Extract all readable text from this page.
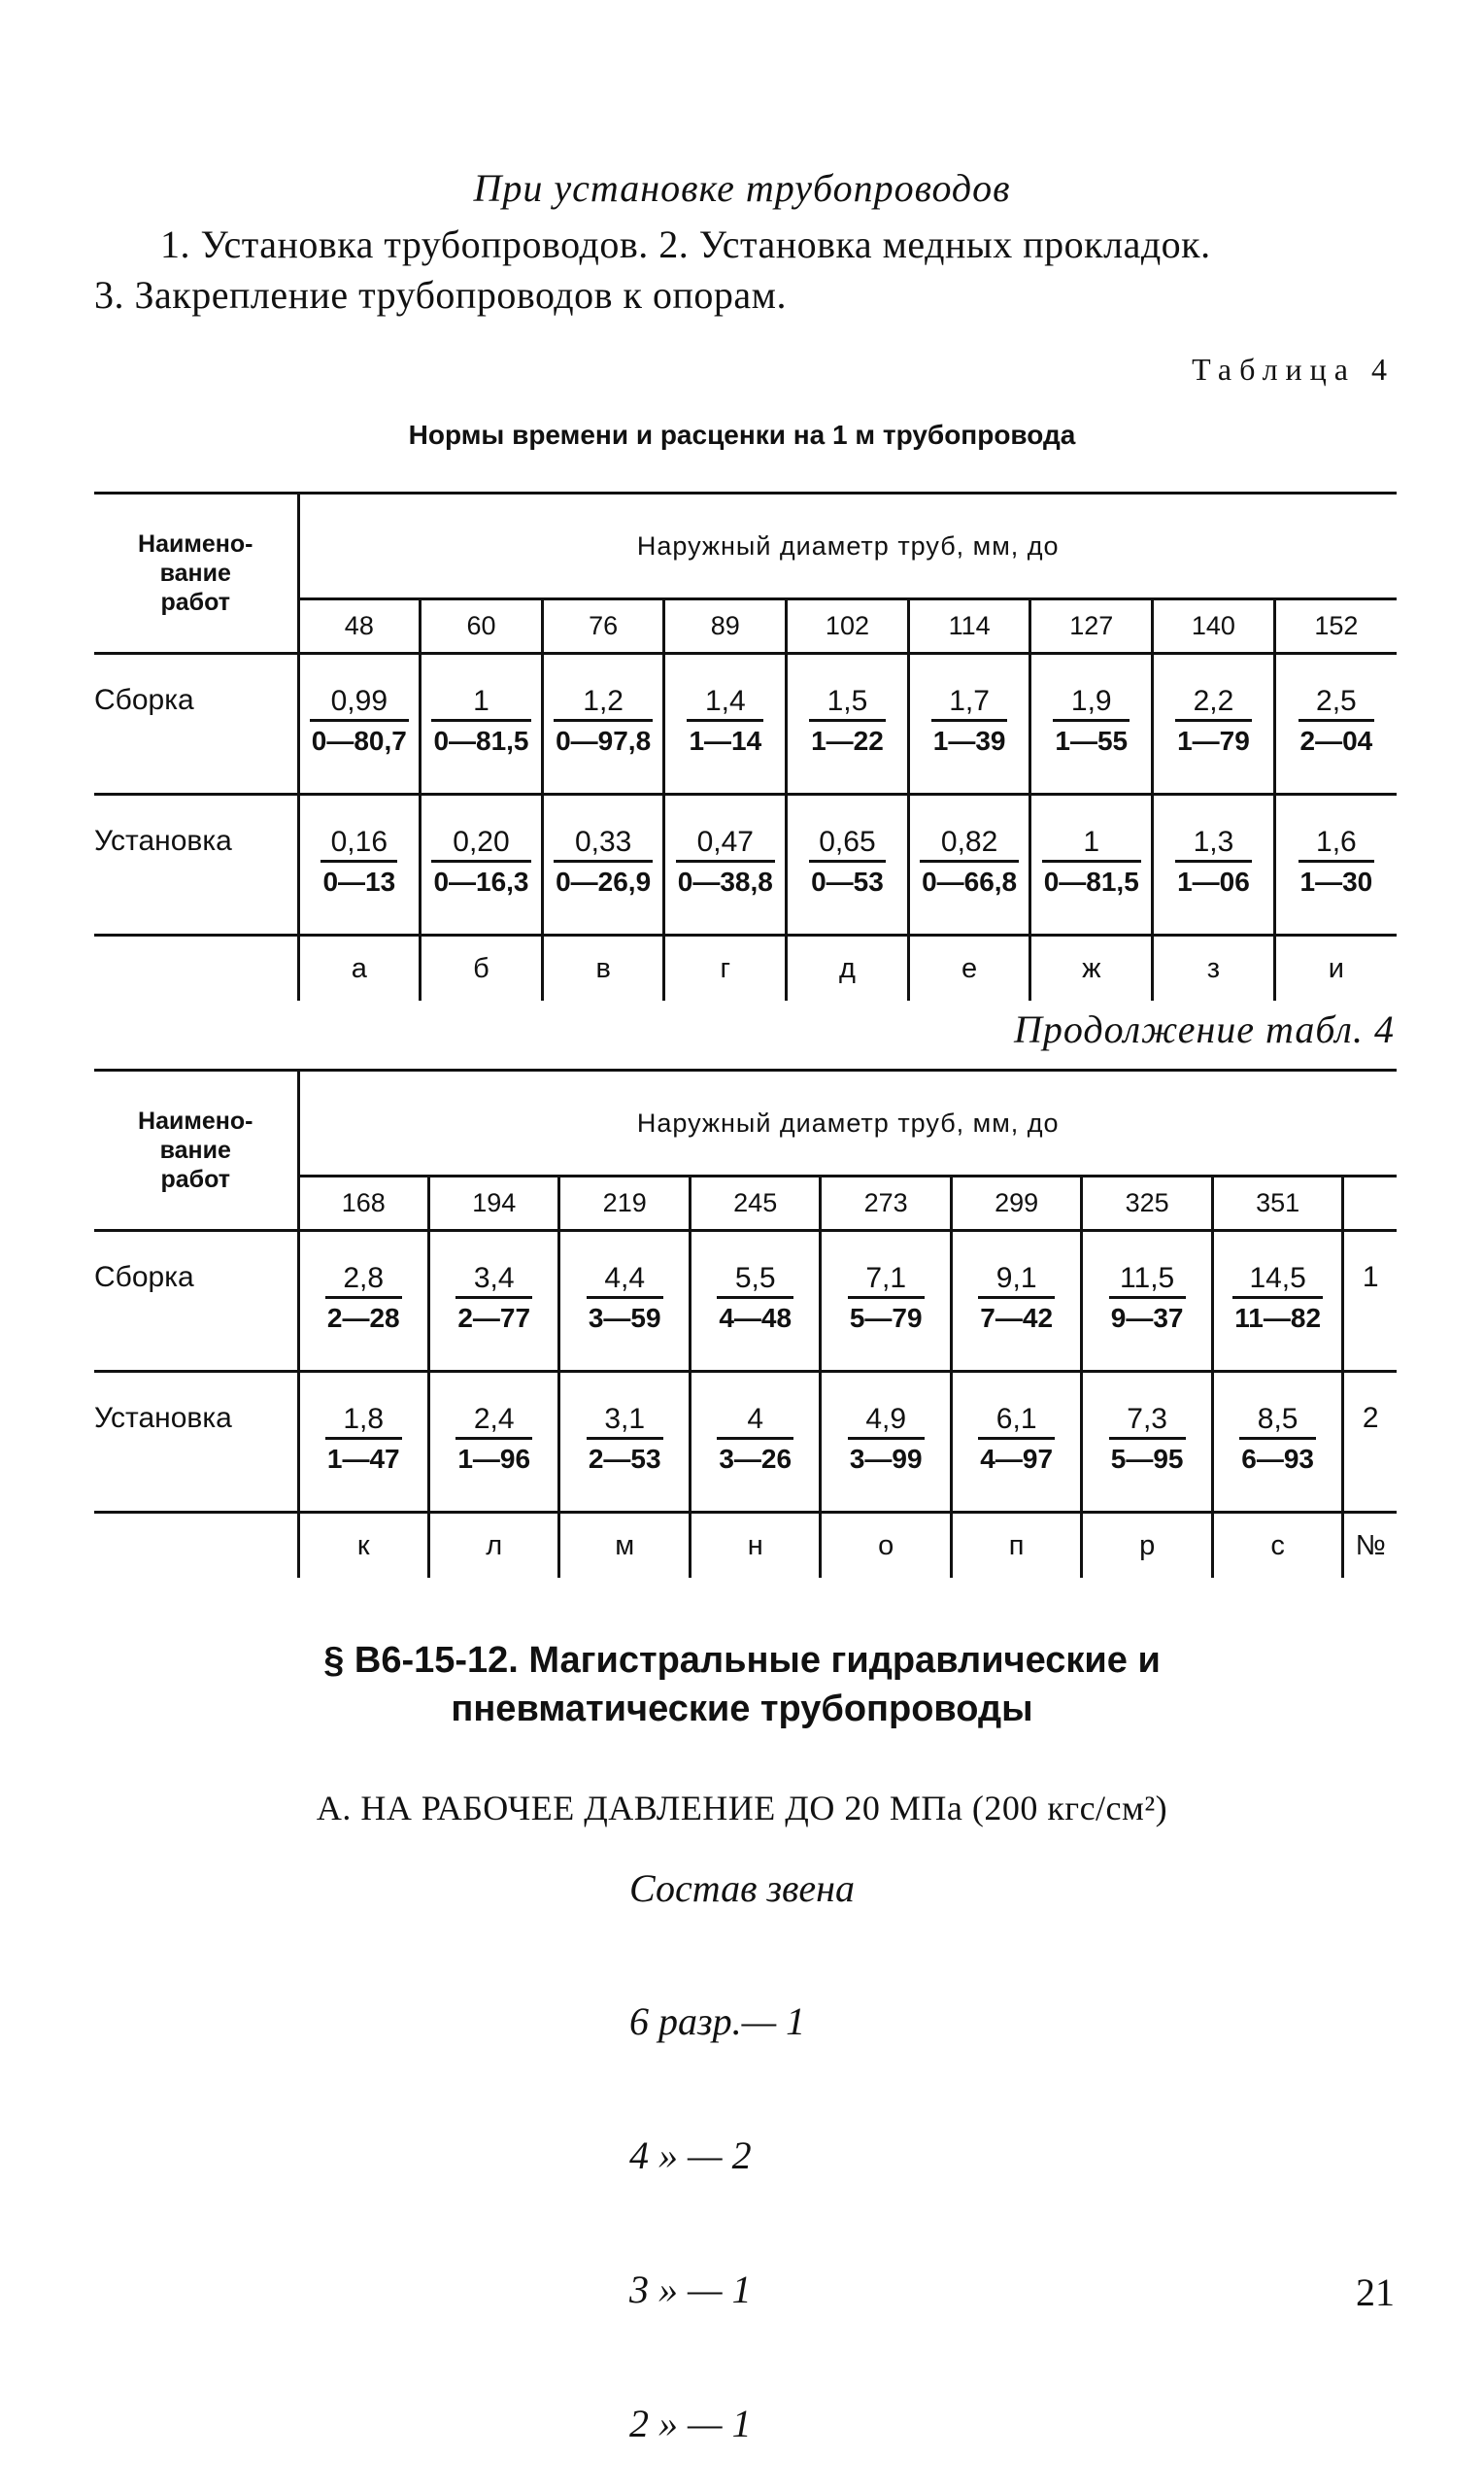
При установке трубопроводов
1. Установка трубопроводов. 2. Установка медных прокладок.
3. Закрепление трубопроводов к опорам.
Таблица 4
Нормы времени и расценки на 1 м трубопровода
Наимено-
вание
работ	Наружный диаметр труб, мм, до								
	48	60	76	89	102	114	127	140	152
Сборка	$\frac{0,99}{0—80,7}$	$\frac{1}{0—81,5}$	$\frac{1,2}{0—97,8}$	$\frac{1,4}{1—14}$	$\frac{1,5}{1—22}$	$\frac{1,7}{1—39}$	$\frac{1,9}{1—55}$	$\frac{2,2}{1—79}$	$\frac{2,5}{2—04}$

Установка	$\frac{0,16}{0—13}$	$\frac{0,20}{0—16,3}$	$\frac{0,33}{0—26,9}$	$\frac{0,47}{0—38,8}$	$\frac{0,65}{0—53}$	$\frac{0,82}{0—66,8}$	$\frac{1}{0—81,5}$	$\frac{1,3}{1—06}$	$\frac{1,6}{1—30}$

	а	б	в	г	д	е	ж	з	и
Продолжение табл. 4
Наимено-
вание
работ	Наружный диаметр труб, мм, до								
	168	194	219	245	273	299	325	351	
Сборка	$\frac{2,8}{2—28}$	$\frac{3,4}{2—77}$	$\frac{4,4}{3—59}$	$\frac{5,5}{4—48}$	$\frac{7,1}{5—79}$	$\frac{9,1}{7—42}$	$\frac{11,5}{9—37}$	$\frac{14,5}{11—82}$	1
Установка	$\frac{1,8}{1—47}$	$\frac{2,4}{1—96}$	$\frac{3,1}{2—53}$	$\frac{4}{3—26}$	$\frac{4,9}{3—99}$	$\frac{6,1}{4—97}$	$\frac{7,3}{5—95}$	$\frac{8,5}{6—93}$	2
	к	л	м	н	о	п	р	с	№
§ В6-15-12. Магистральные гидравлические и
пневматические трубопроводы
А. НА РАБОЧЕЕ ДАВЛЕНИЕ ДО 20 МПа (200 кгс/см²)
Состав звена

6 разр.— 1

4 » — 2

3 » — 1

2 » — 1

21
